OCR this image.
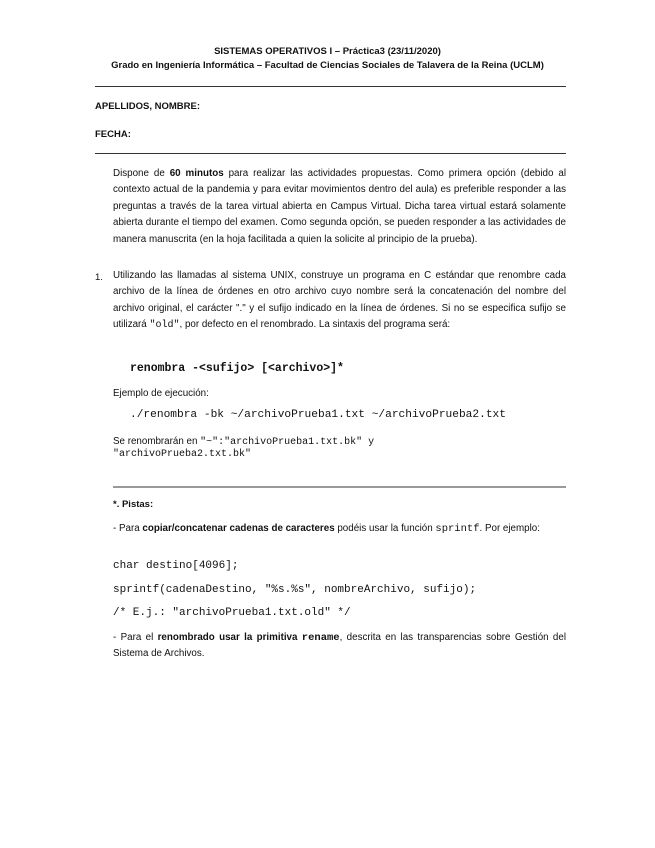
SISTEMAS OPERATIVOS I – Práctica3 (23/11/2020)
Grado en Ingeniería Informática – Facultad de Ciencias Sociales de Talavera de la Reina (UCLM)
APELLIDOS, NOMBRE:
FECHA:
Dispone de 60 minutos para realizar las actividades propuestas. Como primera opción (debido al contexto actual de la pandemia y para evitar movimientos dentro del aula) es preferible responder a las preguntas a través de la tarea virtual abierta en Campus Virtual. Dicha tarea virtual estará solamente abierta durante el tiempo del examen. Como segunda opción, se pueden responder a las actividades de manera manuscrita (en la hoja facilitada a quien la solicite al principio de la prueba).
1. Utilizando las llamadas al sistema UNIX, construye un programa en C estándar que renombre cada archivo de la línea de órdenes en otro archivo cuyo nombre será la concatenación del nombre del archivo original, el carácter "." y el sufijo indicado en la línea de órdenes. Si no se especifica sufijo se utilizará "old", por defecto en el renombrado. La sintaxis del programa será:
renombra -<sufijo> [<archivo>]*
Ejemplo de ejecución:
./renombra -bk ~/archivoPrueba1.txt ~/archivoPrueba2.txt
Se renombrarán en "~":"archivoPrueba1.txt.bk" y
"archivoPrueba2.txt.bk"
*. Pistas:
- Para copiar/concatenar cadenas de caracteres podéis usar la función sprintf. Por ejemplo:
char destino[4096];
sprintf(cadenaDestino, "%s.%s", nombreArchivo, sufijo);
/* E.j.: "archivoPrueba1.txt.old" */
- Para el renombrado usar la primitiva rename, descrita en las transparencias sobre Gestión del Sistema de Archivos.
